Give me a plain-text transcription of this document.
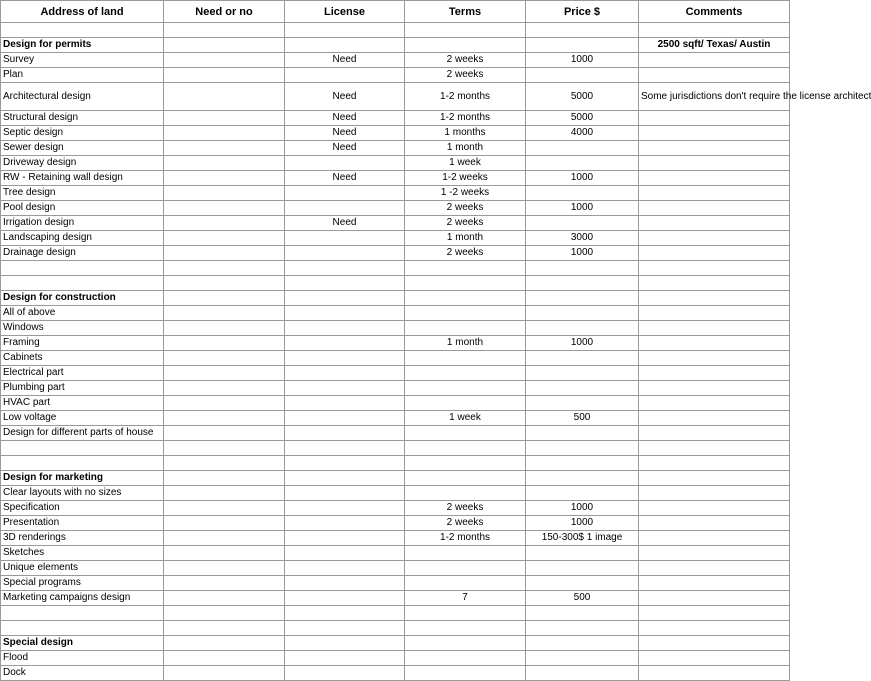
Address of land	Need or no	License	Terms	Price $	Comments

Design for permits					2500 sqft/ Texas/ Austin
Survey		Need	2 weeks	1000	
Plan			2 weeks		
Architectural design		Need	1-2 months	5000	Some jurisdictions don't require the license architect
Structural design		Need	1-2 months	5000	
Septic design		Need	1 months	4000	
Sewer design		Need	1 month		
Driveway design			1 week		
RW - Retaining wall design		Need	1-2 weeks	1000	
Tree design			1 -2 weeks		
Pool design			2 weeks	1000	
Irrigation design		Need	2 weeks		
Landscaping design			1 month	3000	
Drainage design			2 weeks	1000	

Design for construction					
All of above					
Windows					
Framing			1 month	1000	
Cabinets					
Electrical part					
Plumbing part					
HVAC part					
Low voltage			1 week	500	
Design for different parts of house					

Design for marketing					
Clear layouts with no sizes					
Specification			2 weeks	1000	
Presentation			2 weeks	1000	
3D renderings			1-2 months	150-300$ 1 image	
Sketches					
Unique elements					
Special programs					
Marketing campaigns design			7	500	

Special design					
Flood					
Dock					
